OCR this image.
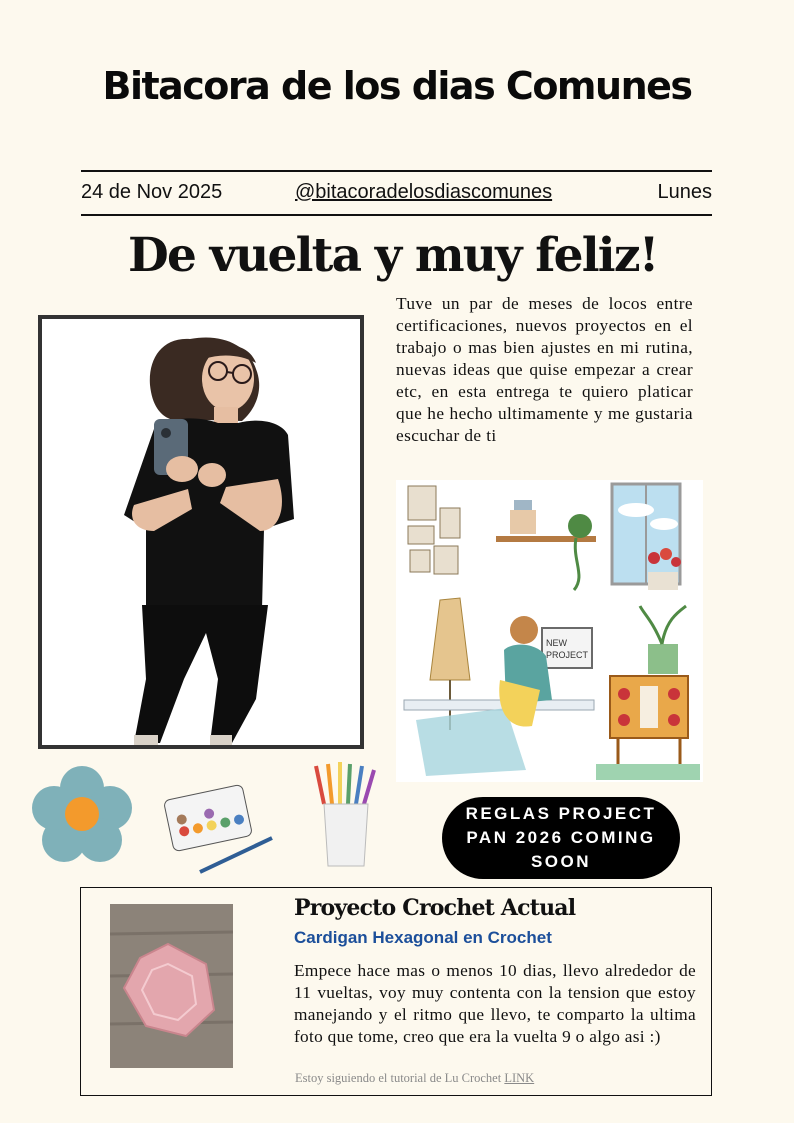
Bitacora de los dias Comunes
24 de Nov 2025	@bitacoradelosdiascomunes	Lunes
De vuelta y muy feliz!
Tuve un par de meses de locos entre certificaciones, nuevos proyectos en el trabajo o mas bien ajustes en mi rutina, nuevas ideas que quise empezar a crear etc, en esta entrega te quiero platicar que he hecho ultimamente y me gustaria escuchar de ti
NEW
PROJECT
REGLAS PROJECT PAN 2026 COMING SOON
Proyecto Crochet Actual
Cardigan Hexagonal en Crochet
Empece hace mas o menos 10 dias, llevo alrededor de 11 vueltas, voy muy contenta con la tension que estoy manejando y el ritmo que llevo, te comparto la ultima foto que tome, creo que era la vuelta 9 o algo asi :)
Estoy siguiendo el tutorial de Lu Crochet LINK
